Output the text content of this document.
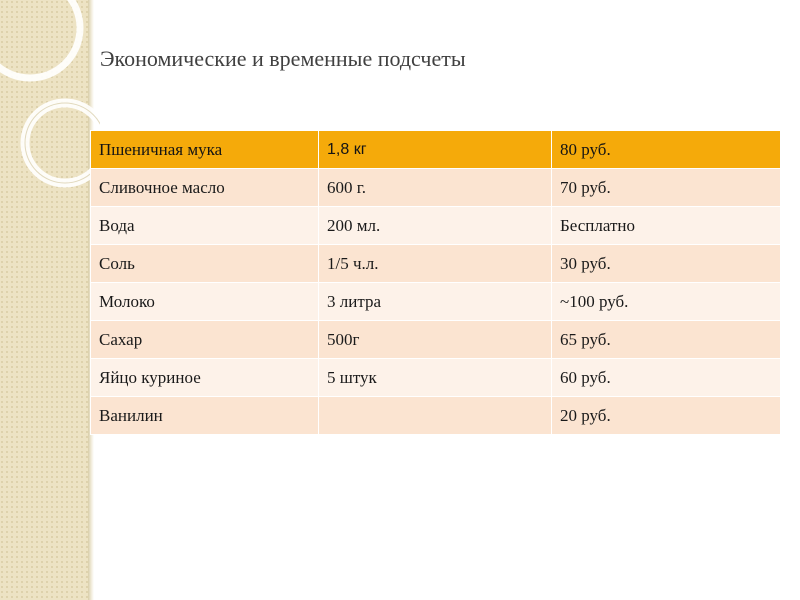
Экономические и временные подсчеты
Пшеничная мука	1,8 кг	80 руб.
Сливочное масло	600 г.	70 руб.
Вода	200 мл.	Бесплатно
Соль	1/5 ч.л.	30 руб.
Молоко	3 литра	~100 руб.
Сахар	500г	65 руб.
Яйцо куриное	5 штук	60 руб.
Ванилин		20 руб.
